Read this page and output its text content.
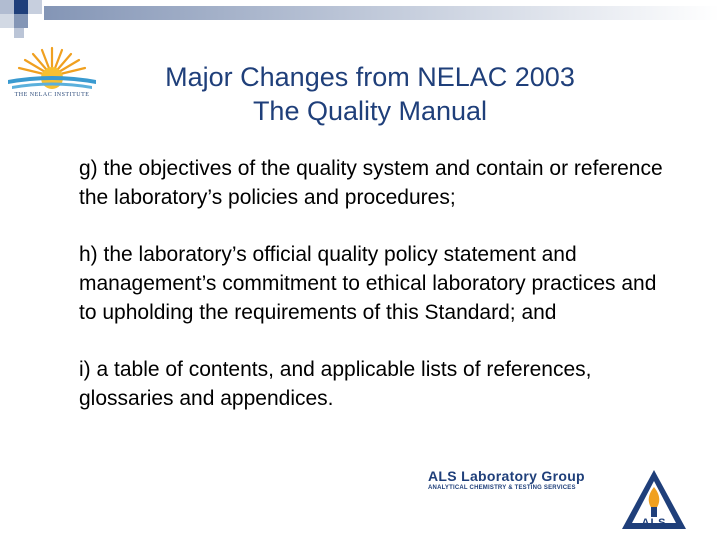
THE NELAC INSTITUTE
Major Changes from NELAC 2003
The Quality Manual

g) the objectives of the quality system and contain or reference the laboratory’s policies and procedures;

h) the laboratory’s official quality policy statement and management’s commitment to ethical laboratory practices and to upholding the requirements of this Standard; and

i) a table of contents, and applicable lists of references, glossaries and appendices.

ALS Laboratory Group
ANALYTICAL CHEMISTRY & TESTING SERVICES
ALS
